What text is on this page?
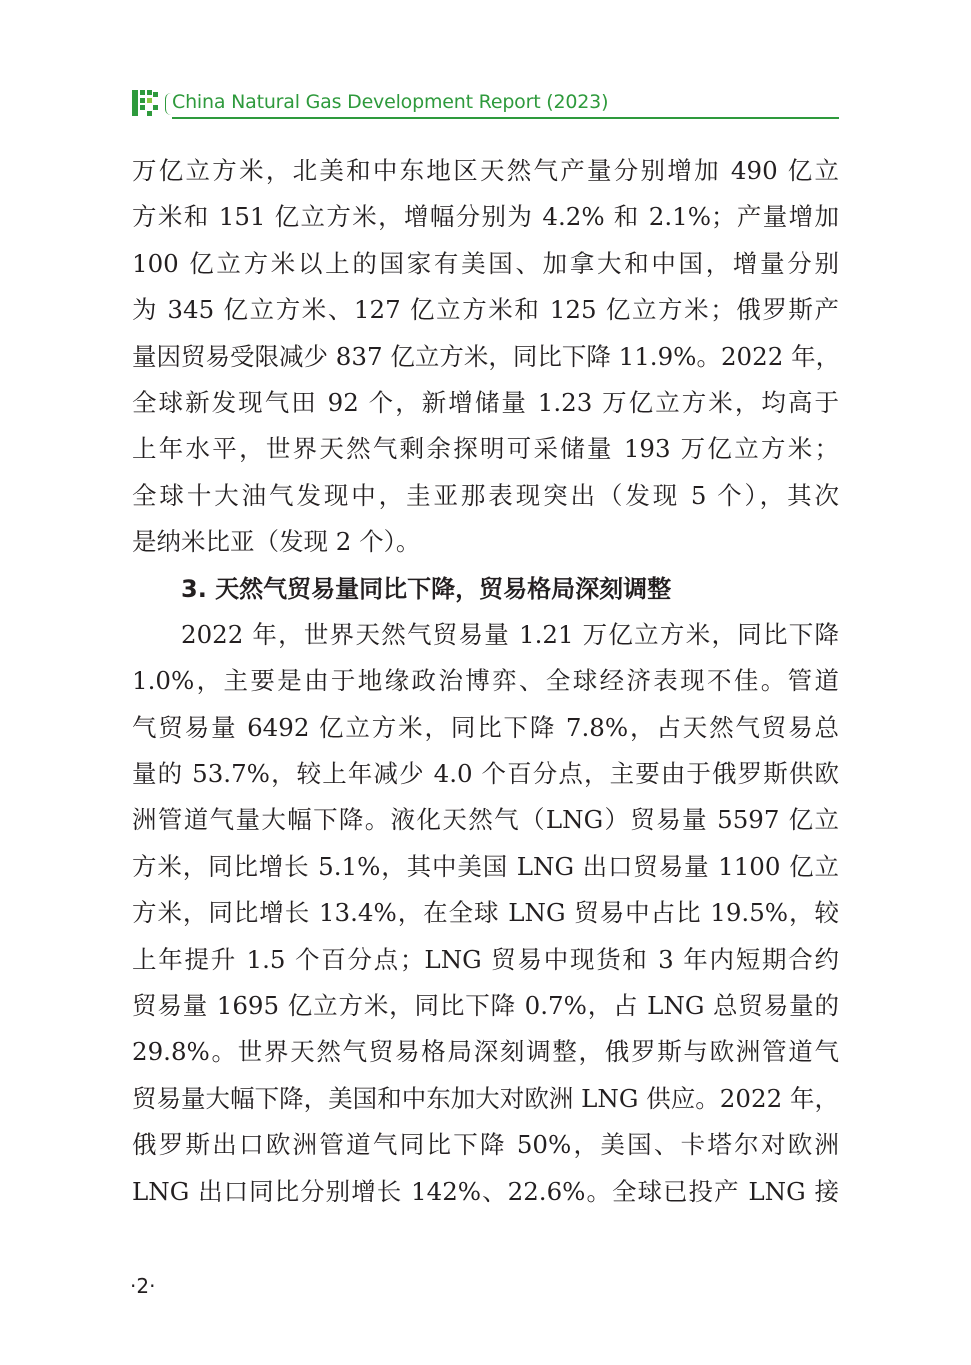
China Natural Gas Development Report (2023)
万亿立方米，北美和中东地区天然气产量分别增加 490 亿立
方米和 151 亿立方米，增幅分别为 4.2% 和 2.1%；产量增加
100 亿立方米以上的国家有美国、加拿大和中国，增量分别
为 345 亿立方米、127 亿立方米和 125 亿立方米；俄罗斯产
量因贸易受限减少 837 亿立方米，同比下降 11.9%。2022 年，
全球新发现气田 92 个，新增储量 1.23 万亿立方米，均高于
上年水平，世界天然气剩余探明可采储量 193 万亿立方米；
全球十大油气发现中，圭亚那表现突出（发现 5 个），其次
是纳米比亚（发现 2 个）。
3. 天然气贸易量同比下降，贸易格局深刻调整
2022 年，世界天然气贸易量 1.21 万亿立方米，同比下降
1.0%，主要是由于地缘政治博弈、全球经济表现不佳。管道
气贸易量 6492 亿立方米，同比下降 7.8%，占天然气贸易总
量的 53.7%，较上年减少 4.0 个百分点，主要由于俄罗斯供欧
洲管道气量大幅下降。液化天然气（LNG）贸易量 5597 亿立
方米，同比增长 5.1%，其中美国 LNG 出口贸易量 1100 亿立
方米，同比增长 13.4%，在全球 LNG 贸易中占比 19.5%，较
上年提升 1.5 个百分点；LNG 贸易中现货和 3 年内短期合约
贸易量 1695 亿立方米，同比下降 0.7%，占 LNG 总贸易量的
29.8%。世界天然气贸易格局深刻调整，俄罗斯与欧洲管道气
贸易量大幅下降，美国和中东加大对欧洲 LNG 供应。2022 年，
俄罗斯出口欧洲管道气同比下降 50%，美国、卡塔尔对欧洲
LNG 出口同比分别增长 142%、22.6%。全球已投产 LNG 接
·2·
